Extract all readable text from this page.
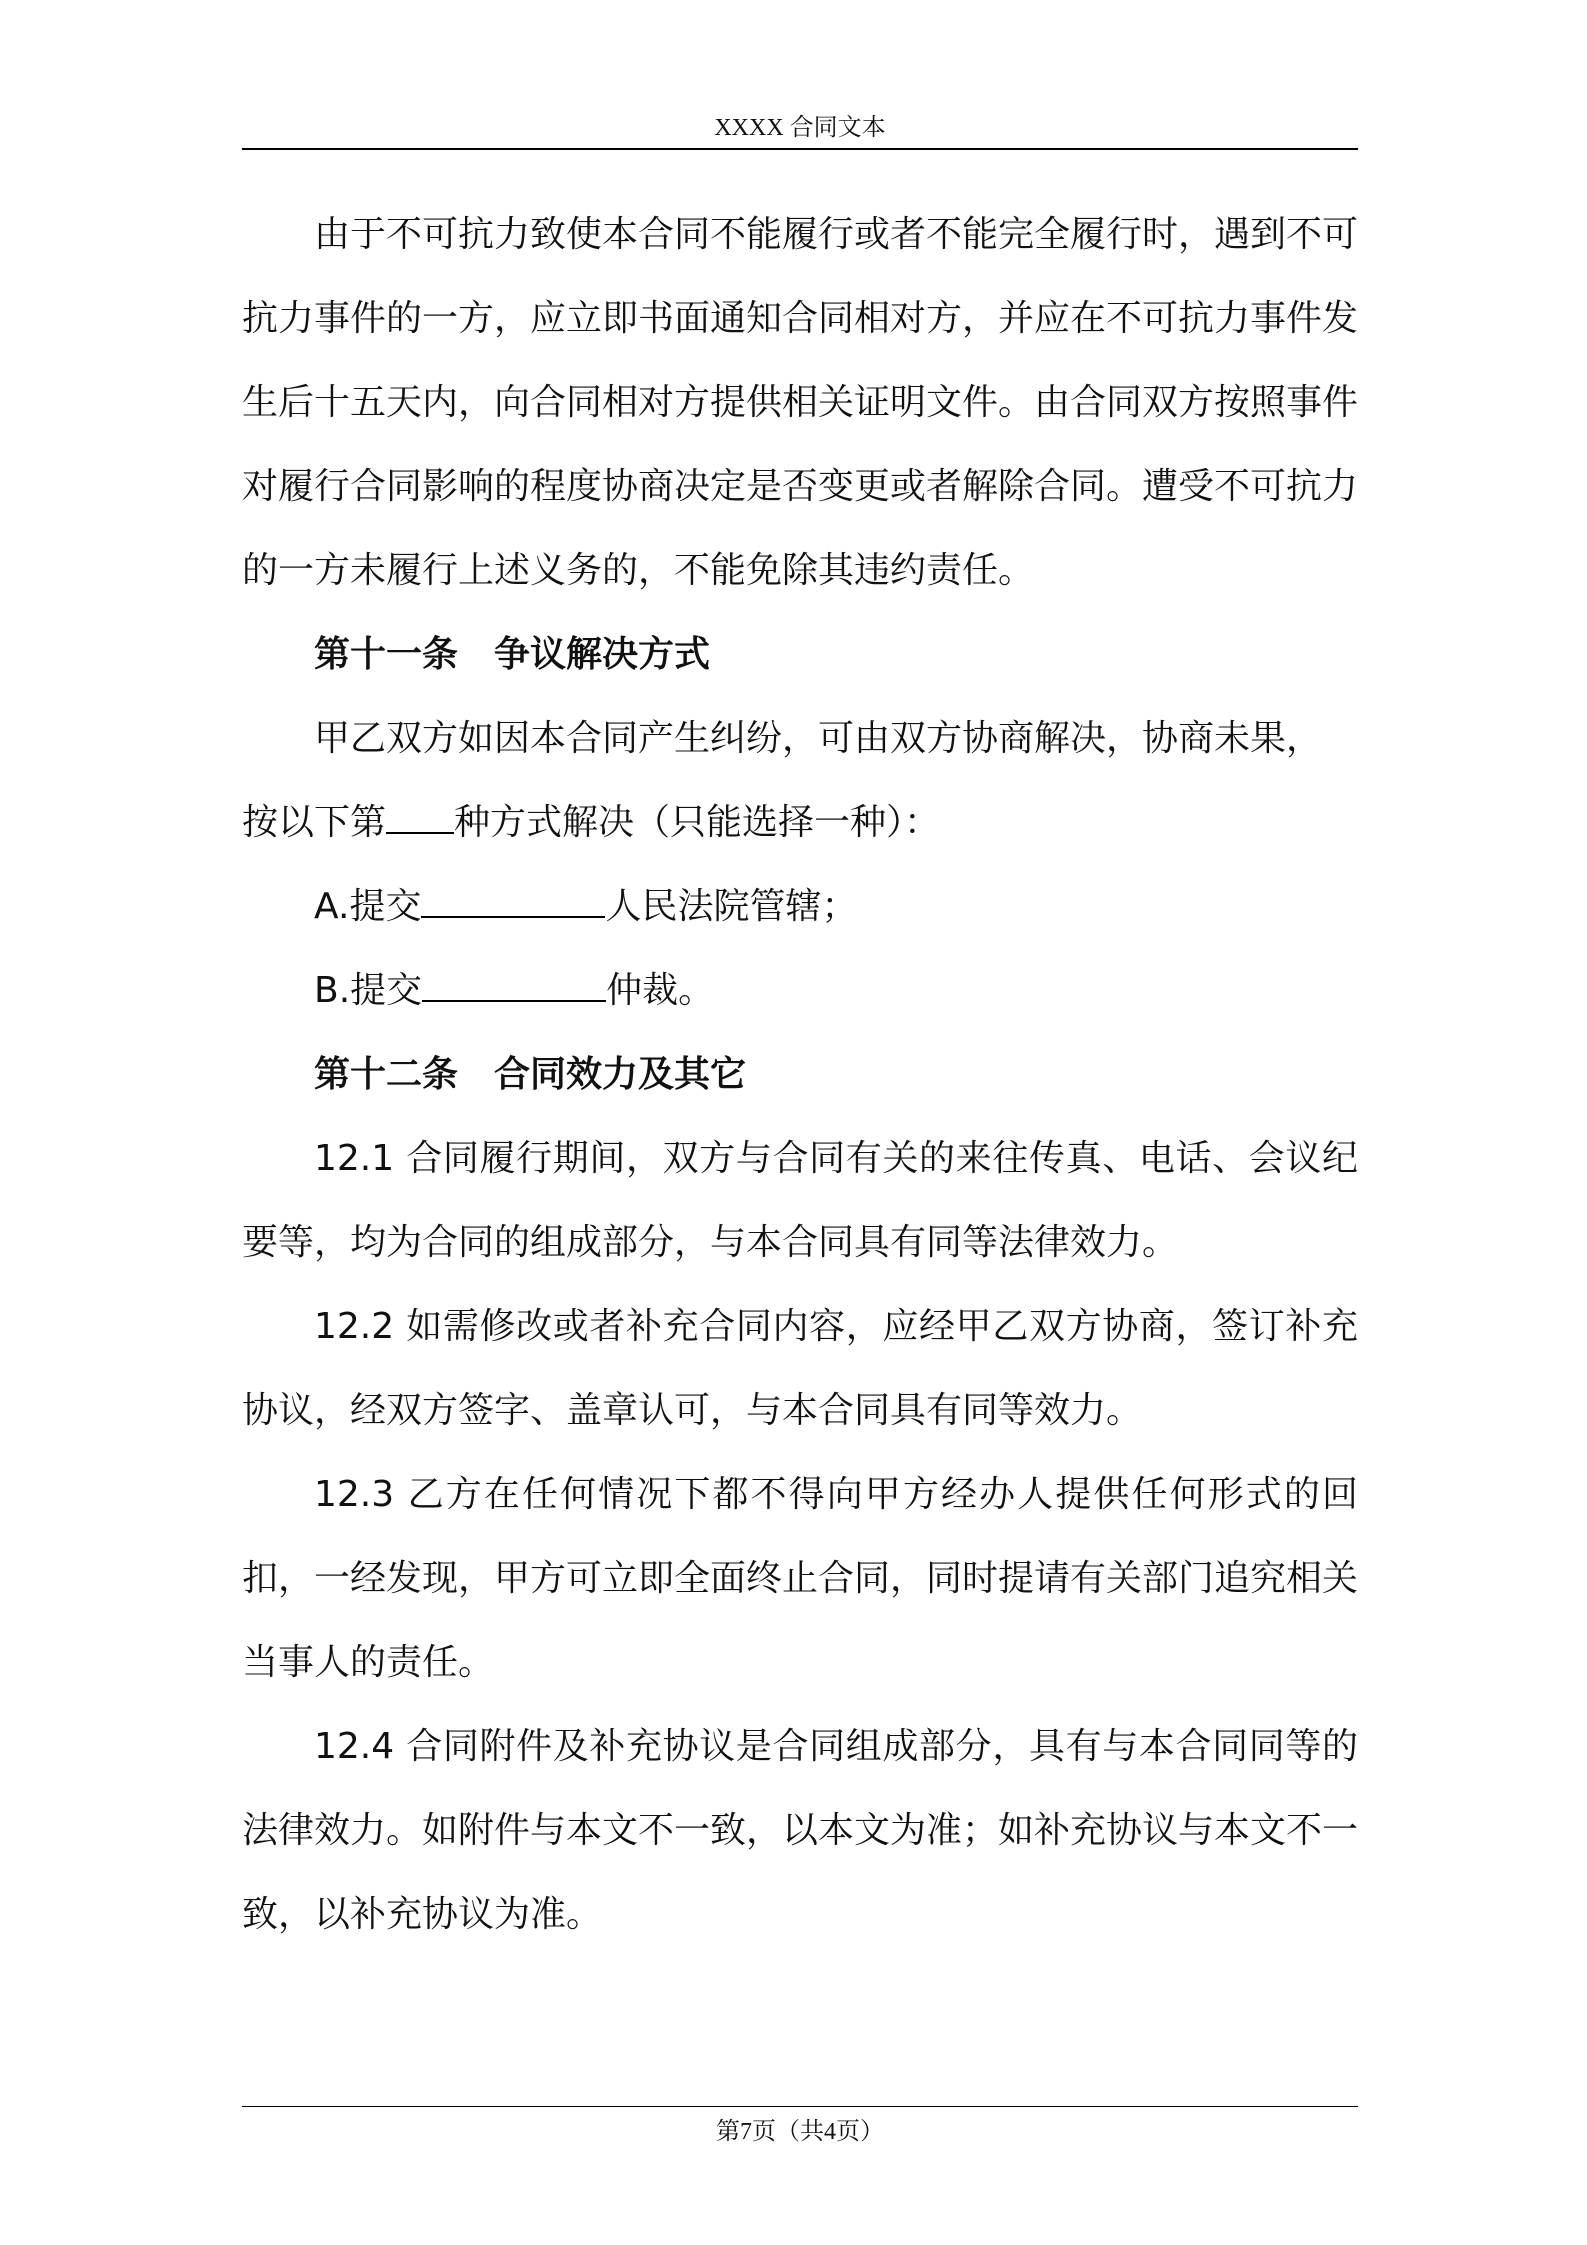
XXXX 合同文本

由于不可抗力致使本合同不能履行或者不能完全履行时，遇到不可抗力事件的一方，应立即书面通知合同相对方，并应在不可抗力事件发生后十五天内，向合同相对方提供相关证明文件。由合同双方按照事件对履行合同影响的程度协商决定是否变更或者解除合同。遭受不可抗力的一方未履行上述义务的，不能免除其违约责任。

第十一条　争议解决方式

甲乙双方如因本合同产生纠纷，可由双方协商解决，协商未果，

按以下第 种方式解决（只能选择一种）：

A.提交	人民法院管辖；

B.提交	仲裁。

第十二条　合同效力及其它

12.1 合同履行期间，双方与合同有关的来往传真、电话、会议纪要等，均为合同的组成部分，与本合同具有同等法律效力。

12.2 如需修改或者补充合同内容，应经甲乙双方协商，签订补充协议，经双方签字、盖章认可，与本合同具有同等效力。

12.3 乙方在任何情况下都不得向甲方经办人提供任何形式的回扣，一经发现，甲方可立即全面终止合同，同时提请有关部门追究相关当事人的责任。

12.4 合同附件及补充协议是合同组成部分，具有与本合同同等的法律效力。如附件与本文不一致，以本文为准；如补充协议与本文不一致，以补充协议为准。

第7页（共4页）
